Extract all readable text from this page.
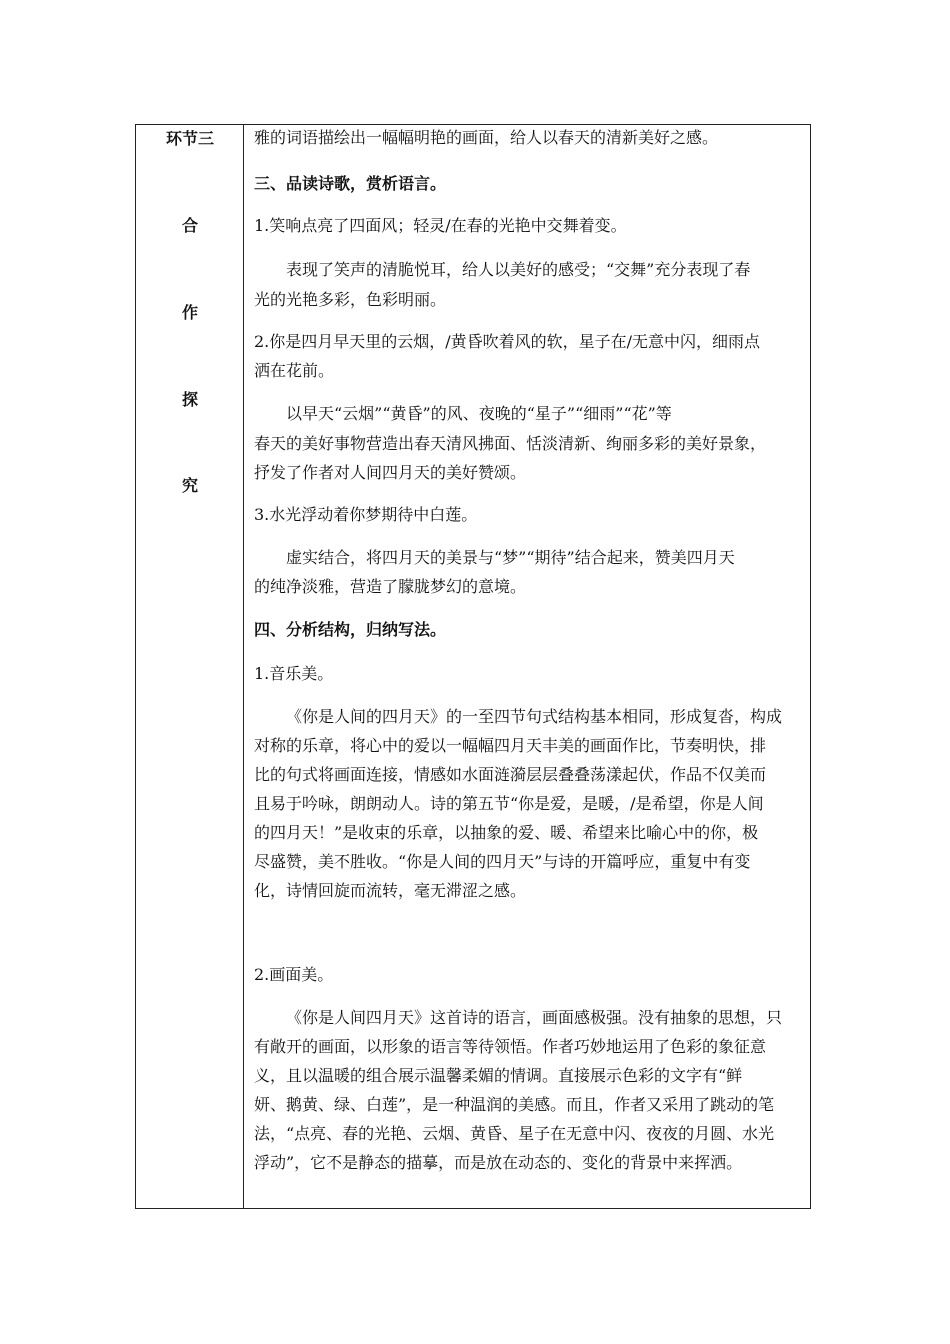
环节三
合
作
探
究
雅的词语描绘出一幅幅明艳的画面，给人以春天的清新美好之感。
三、品读诗歌，赏析语言。
1.笑响点亮了四面风；轻灵/在春的光艳中交舞着变。
表现了笑声的清脆悦耳，给人以美好的感受；“交舞”充分表现了春
光的光艳多彩，色彩明丽。
2.你是四月早天里的云烟，/黄昏吹着风的软，星子在/无意中闪，细雨点
洒在花前。
以早天“云烟”“黄昏”的风、夜晚的“星子”“细雨”“花”等
春天的美好事物营造出春天清风拂面、恬淡清新、绚丽多彩的美好景象，
抒发了作者对人间四月天的美好赞颂。
3.水光浮动着你梦期待中白莲。
虚实结合，将四月天的美景与“梦”“期待”结合起来，赞美四月天
的纯净淡雅，营造了朦胧梦幻的意境。
四、分析结构，归纳写法。
1.音乐美。
《你是人间的四月天》的一至四节句式结构基本相同，形成复沓，构成
对称的乐章，将心中的爱以一幅幅四月天丰美的画面作比，节奏明快，排
比的句式将画面连接，情感如水面涟漪层层叠叠荡漾起伏，作品不仅美而
且易于吟咏，朗朗动人。诗的第五节“你是爱，是暖，/是希望，你是人间
的四月天！”是收束的乐章，以抽象的爱、暖、希望来比喻心中的你，极
尽盛赞，美不胜收。“你是人间的四月天”与诗的开篇呼应，重复中有变
化，诗情回旋而流转，毫无滞涩之感。
2.画面美。
《你是人间四月天》这首诗的语言，画面感极强。没有抽象的思想，只
有敞开的画面，以形象的语言等待领悟。作者巧妙地运用了色彩的象征意
义，且以温暖的组合展示温馨柔媚的情调。直接展示色彩的文字有“鲜
妍、鹅黄、绿、白莲”，是一种温润的美感。而且，作者又采用了跳动的笔
法，“点亮、春的光艳、云烟、黄昏、星子在无意中闪、夜夜的月圆、水光
浮动”，它不是静态的描摹，而是放在动态的、变化的背景中来挥洒。
